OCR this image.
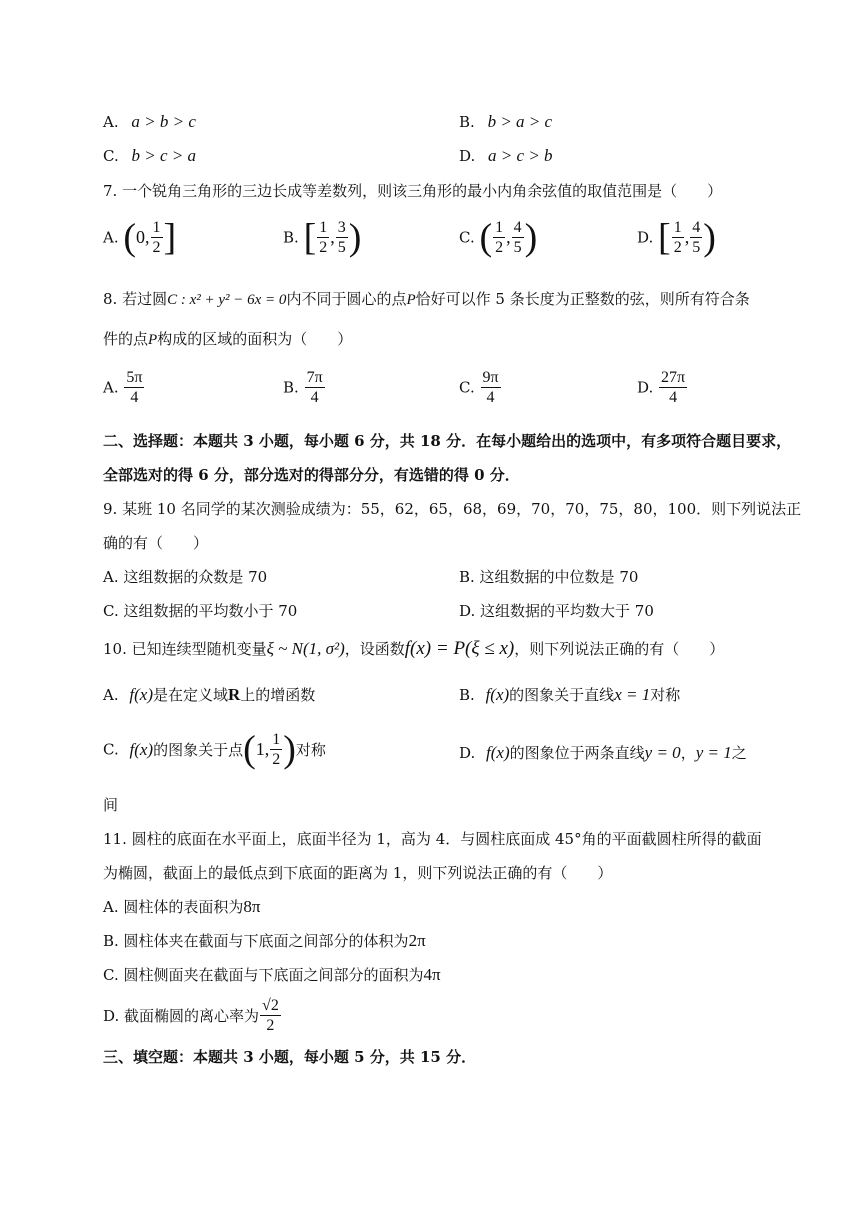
A. a > b > c	B. b > a > c
C. b > c > a	D. a > c > b
7. 一个锐角三角形的三边长成等差数列，则该三角形的最小内角余弦值的取值范围是（　　）
A. (0, $\frac{1}{2}$ ]	B. [ $\frac{1}{2}$ , $\frac{3}{5}$ )	C. ( $\frac{1}{2}$ , $\frac{4}{5}$ )	D. [ $\frac{1}{2}$ , $\frac{4}{5}$ )
8. 若过圆C : x² + y² − 6x = 0内不同于圆心的点P恰好可以作 5 条长度为正整数的弦，则所有符合条
件的点P构成的区域的面积为（　　）
A. $\frac{5\pi}{4}$	B. $\frac{7\pi}{4}$	C. $\frac{9\pi}{4}$	D. $\frac{27\pi}{4}$
二、选择题：本题共 3 小题，每小题 6 分，共 18 分．在每小题给出的选项中，有多项符合题目要求，
全部选对的得 6 分，部分选对的得部分分，有选错的得 0 分．
9. 某班 10 名同学的某次测验成绩为：55，62，65，68，69，70，70，75，80，100．则下列说法正
确的有（　　）
A. 这组数据的众数是 70	B. 这组数据的中位数是 70
C. 这组数据的平均数小于 70	D. 这组数据的平均数大于 70
10. 已知连续型随机变量ξ ~ N(1, σ²)，设函数f(x) = P(ξ ≤ x)，则下列说法正确的有（　　）
A. f(x)是在定义域R上的增函数	B. f(x)的图象关于直线x = 1对称
C. f(x)的图象关于点(1, $\frac{1}{2}$ )对称	D. f(x)的图象位于两条直线y = 0，y = 1之
间
11. 圆柱的底面在水平面上，底面半径为 1，高为 4．与圆柱底面成 45°角的平面截圆柱所得的截面
为椭圆，截面上的最低点到下底面的距离为 1，则下列说法正确的有（　　）
A. 圆柱体的表面积为8π
B. 圆柱体夹在截面与下底面之间部分的体积为2π
C. 圆柱侧面夹在截面与下底面之间部分的面积为4π
D. 截面椭圆的离心率为 $\frac{√2}{2}$
三、填空题：本题共 3 小题，每小题 5 分，共 15 分．
